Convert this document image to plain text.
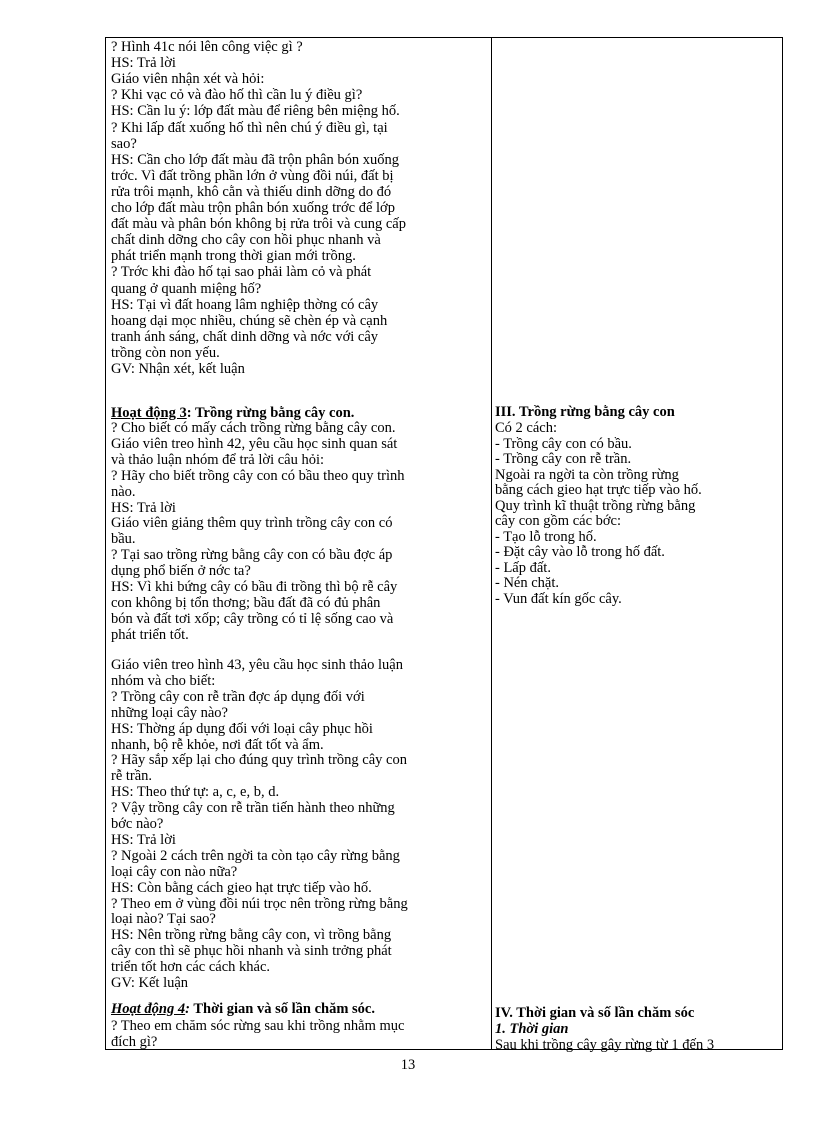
Hoạt động 3: Trồng rừng bằng cây con.
Hoạt động 4: Thời gian và số lần chăm sóc.
? Hình 41c nói lên công việc gì ?
HS: Trả lời
Giáo viên nhận xét và hỏi:
? Khi vạc cỏ và đào hố thì cần lu ý điều gì?
HS: Cần lu ý: lớp đất màu để riêng bên miệng hố.
? Khi lấp đất xuống hố thì nên chú ý điều gì, tại
sao?
HS: Cần cho lớp đất màu đã trộn phân bón xuống
trớc. Vì đất trồng phần lớn ở vùng đồi núi, đất bị
rửa trôi mạnh, khô cằn và thiếu dinh dỡng do đó
cho lớp đất màu trộn phân bón xuống trớc để lớp
đất màu và phân bón không bị rửa trôi và cung cấp
chất dinh dỡng cho cây con hồi phục nhanh và
phát triển mạnh trong thời gian mới trồng.
? Trớc khi đào hố tại sao phải làm cỏ và phát
quang ở quanh miệng hố?
HS: Tại vì đất hoang lâm nghiệp thờng có cây
hoang dại mọc nhiều, chúng sẽ chèn ép và cạnh
tranh ánh sáng, chất dinh dỡng và nớc với cây
trồng còn non yếu.
GV: Nhận xét, kết luận
? Cho biết có mấy cách trồng rừng bằng cây con.
Giáo viên treo hình 42, yêu cầu học sinh quan sát
và thảo luận nhóm để trả lời câu hỏi:
? Hãy cho biết trồng cây con có bầu theo quy trình
nào.
HS: Trả lời
Giáo viên giảng thêm quy trình trồng cây con có
bầu.
? Tại sao trồng rừng bằng cây con có bầu đợc áp
dụng phổ biến ở nớc ta?
HS: Vì khi bứng cây có bầu đi trồng thì bộ rễ cây
con không bị tổn thơng; bầu đất đã có đủ phân
bón và đất tơi xốp; cây trồng có tỉ lệ sống cao và
phát triển tốt.
Giáo viên treo hình 43, yêu cầu học sinh thảo luận
nhóm và cho biết:
? Trồng cây con rễ trần đợc áp dụng đối với
những loại cây nào?
HS: Thờng áp dụng đối với loại cây phục hồi
nhanh, bộ rễ khỏe, nơi đất tốt và ẩm.
? Hãy sắp xếp lại cho đúng quy trình trồng cây con
rễ trần.
HS: Theo thứ tự: a, c, e, b, d.
? Vậy trồng cây con rễ trần tiến hành theo những
bớc nào?
HS: Trả lời
? Ngoài 2 cách trên ngời ta còn tạo cây rừng bằng
loại cây con nào nữa?
HS: Còn bằng cách gieo hạt trực tiếp vào hố.
? Theo em ở vùng đồi núi trọc nên trồng rừng bằng
loại nào? Tại sao?
HS: Nên trồng rừng bằng cây con, vì trồng bằng
cây con thì sẽ phục hồi nhanh và sinh trởng phát
triển tốt hơn các cách khác.
GV: Kết luận
? Theo em chăm sóc rừng sau khi trồng nhằm mục
đích gì?
III. Trồng rừng bằng cây con
IV. Thời gian và số lần chăm sóc
1. Thời gian
Có 2 cách:
- Trồng cây con có bầu.
- Trồng cây con rễ trần.
Ngoài ra ngời ta còn trồng rừng
bằng cách gieo hạt trực tiếp vào hố.
Quy trình kĩ thuật trồng rừng bằng
cây con gồm các bớc:
- Tạo lỗ trong hố.
- Đặt cây vào lỗ trong hố đất.
- Lấp đất.
- Nén chặt.
- Vun đất kín gốc cây.
Sau khi trồng cây gây rừng từ 1 đến 3
13
